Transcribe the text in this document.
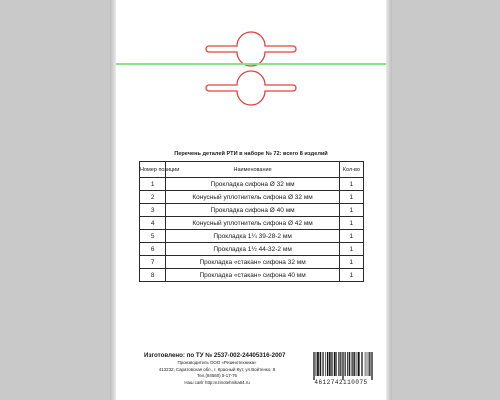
Перечень деталей РТИ в наборе № 72: всего 8 изделий
Номер позиции	Наименование	Кол-во
1	Прокладка сифона Ø 32 мм	1
2	Конусный уплотнитель сифона Ø 32 мм	1
3	Прокладка сифона Ø 40 мм	1
4	Конусный уплотнитель сифона Ø 42 мм	1
5	Прокладка 1¼ 39-28-2 мм	1
6	Прокладка 1½ 44-32-2 мм	1
7	Прокладка «стакан» сифона 32 мм	1
8	Прокладка «стакан» сифона 40 мм	1
Изготовлено: по ТУ № 2537-002-24405316-2007
Производитель ООО «Резинотехника»
413232, Саратовская обл., г. Красный Кут, ул.Войтенко, 8
Тел.(84560) 5-17-76
Наш сайт http:rezinotehnika64.ru	4612742110075
